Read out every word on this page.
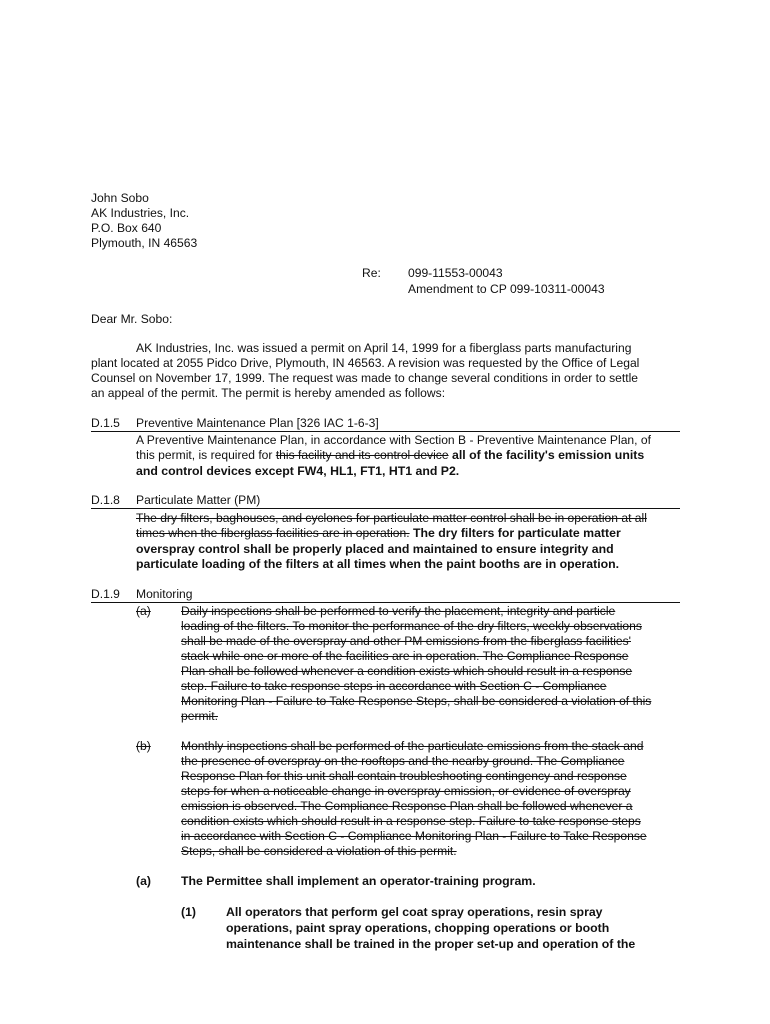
John Sobo
AK Industries, Inc.
P.O. Box 640
Plymouth, IN 46563
Re: 099-11553-00043
Amendment to CP 099-10311-00043
Dear Mr. Sobo:
AK Industries, Inc. was issued a permit on April 14, 1999 for a fiberglass parts manufacturing
plant located at 2055 Pidco Drive, Plymouth, IN 46563. A revision was requested by the Office of Legal
Counsel on November 17, 1999. The request was made to change several conditions in order to settle
an appeal of the permit. The permit is hereby amended as follows:
D.1.5 Preventive Maintenance Plan [326 IAC 1-6-3]
A Preventive Maintenance Plan, in accordance with Section B - Preventive Maintenance Plan, of
this permit, is required for this facility and its control device all of the facility's emission units
and control devices except FW4, HL1, FT1, HT1 and P2.
D.1.8 Particulate Matter (PM)
The dry filters, baghouses, and cyclones for particulate matter control shall be in operation at all
times when the fiberglass facilities are in operation. The dry filters for particulate matter
overspray control shall be properly placed and maintained to ensure integrity and
particulate loading of the filters at all times when the paint booths are in operation.
D.1.9 Monitoring
(a) Daily inspections shall be performed to verify the placement, integrity and particle
loading of the filters. To monitor the performance of the dry filters, weekly observations
shall be made of the overspray and other PM emissions from the fiberglass facilities'
stack while one or more of the facilities are in operation. The Compliance Response
Plan shall be followed whenever a condition exists which should result in a response
step. Failure to take response steps in accordance with Section C - Compliance
Monitoring Plan - Failure to Take Response Steps, shall be considered a violation of this
permit.
(b) Monthly inspections shall be performed of the particulate emissions from the stack and
the presence of overspray on the rooftops and the nearby ground. The Compliance
Response Plan for this unit shall contain troubleshooting contingency and response
steps for when a noticeable change in overspray emission, or evidence of overspray
emission is observed. The Compliance Response Plan shall be followed whenever a
condition exists which should result in a response step. Failure to take response steps
in accordance with Section C - Compliance Monitoring Plan - Failure to Take Response
Steps, shall be considered a violation of this permit.
(a) The Permittee shall implement an operator-training program.
(1) All operators that perform gel coat spray operations, resin spray
operations, paint spray operations, chopping operations or booth
maintenance shall be trained in the proper set-up and operation of the
